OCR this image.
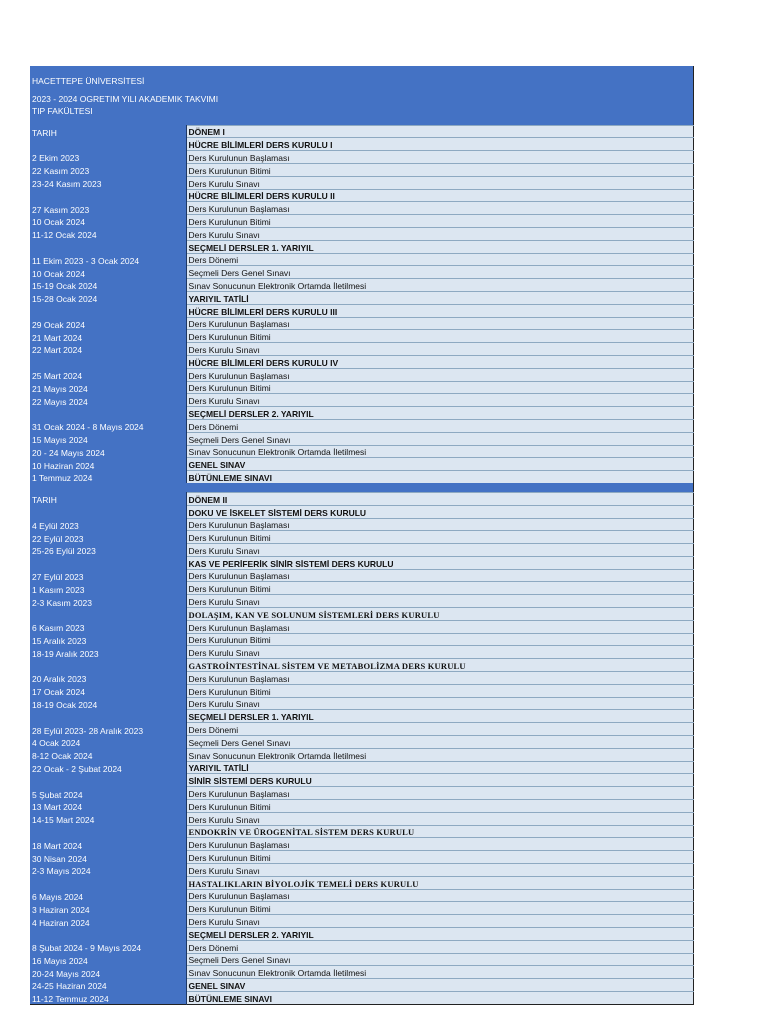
HACETTEPE ÜNİVERSİTESİ	

2023 - 2024 OGRETIM YILI AKADEMIK TAKVIMI	
TIP FAKÜLTESI	

TARIH	DÖNEM I
	HÜCRE BİLİMLERİ DERS KURULU I
2 Ekim 2023	Ders Kurulunun Başlaması
22 Kasım 2023	Ders Kurulunun Bitimi
23-24 Kasım 2023	Ders Kurulu Sınavı
	HÜCRE BİLİMLERİ DERS KURULU II
27 Kasım 2023	Ders Kurulunun Başlaması
10 Ocak 2024	Ders Kurulunun Bitimi
11-12 Ocak 2024	Ders Kurulu Sınavı
	SEÇMELİ DERSLER 1. YARIYIL
11 Ekim 2023 - 3 Ocak 2024	Ders Dönemi
10 Ocak 2024	Seçmeli Ders Genel Sınavı
15-19 Ocak 2024	Sınav Sonucunun Elektronik Ortamda İletilmesi
15-28 Ocak 2024	YARIYIL TATİLİ
	HÜCRE BİLİMLERİ DERS KURULU III
29 Ocak 2024	Ders Kurulunun Başlaması
21 Mart 2024	Ders Kurulunun Bitimi
22 Mart 2024	Ders Kurulu Sınavı
	HÜCRE BİLİMLERİ DERS KURULU IV
25 Mart 2024	Ders Kurulunun Başlaması
21 Mayıs 2024	Ders Kurulunun Bitimi
22 Mayıs 2024	Ders Kurulu Sınavı
	SEÇMELİ DERSLER 2. YARIYIL
31 Ocak 2024 - 8 Mayıs 2024	Ders Dönemi
15 Mayıs 2024	Seçmeli Ders Genel Sınavı
20 - 24 Mayıs 2024	Sınav Sonucunun Elektronik Ortamda İletilmesi
10 Haziran 2024	GENEL SINAV
1 Temmuz 2024	BÜTÜNLEME SINAVI

TARIH	DÖNEM II
	DOKU VE İSKELET SİSTEMİ DERS KURULU
4 Eylül 2023	Ders Kurulunun Başlaması
22 Eylül 2023	Ders Kurulunun Bitimi
25-26 Eylül 2023	Ders Kurulu Sınavı
	KAS VE PERİFERİK SİNİR SİSTEMİ DERS KURULU
27 Eylül 2023	Ders Kurulunun Başlaması
1 Kasım 2023	Ders Kurulunun Bitimi
2-3 Kasım 2023	Ders Kurulu Sınavı
	DOLAŞIM, KAN VE SOLUNUM SİSTEMLERİ DERS KURULU
6 Kasım 2023	Ders Kurulunun Başlaması
15 Aralık 2023	Ders Kurulunun Bitimi
18-19 Aralık 2023	Ders Kurulu Sınavı
	GASTROİNTESTİNAL SİSTEM VE METABOLİZMA DERS KURULU
20 Aralık 2023	Ders Kurulunun Başlaması
17 Ocak 2024	Ders Kurulunun Bitimi
18-19 Ocak 2024	Ders Kurulu Sınavı
	SEÇMELİ DERSLER 1. YARIYIL
28 Eylül 2023- 28 Aralık 2023	Ders Dönemi
4 Ocak 2024	Seçmeli Ders Genel Sınavı
8-12 Ocak 2024	Sınav Sonucunun Elektronik Ortamda İletilmesi
22 Ocak - 2 Şubat 2024	YARIYIL TATİLİ
	SİNİR SİSTEMİ DERS KURULU
5 Şubat 2024	Ders Kurulunun Başlaması
13 Mart 2024	Ders Kurulunun Bitimi
14-15 Mart 2024	Ders Kurulu Sınavı
	ENDOKRİN VE ÜROGENİTAL SİSTEM DERS KURULU
18 Mart 2024	Ders Kurulunun Başlaması
30 Nisan 2024	Ders Kurulunun Bitimi
2-3 Mayıs 2024	Ders Kurulu Sınavı
	HASTALIKLARIN BİYOLOJİK TEMELİ DERS KURULU
6 Mayıs 2024	Ders Kurulunun Başlaması
3 Haziran 2024	Ders Kurulunun Bitimi
4 Haziran 2024	Ders Kurulu Sınavı
	SEÇMELİ DERSLER 2. YARIYIL
8 Şubat 2024 - 9 Mayıs 2024	Ders Dönemi
16 Mayıs 2024	Seçmeli Ders Genel Sınavı
20-24 Mayıs 2024	Sınav Sonucunun Elektronik Ortamda İletilmesi
24-25 Haziran 2024	GENEL SINAV
11-12 Temmuz 2024	BÜTÜNLEME SINAVI
